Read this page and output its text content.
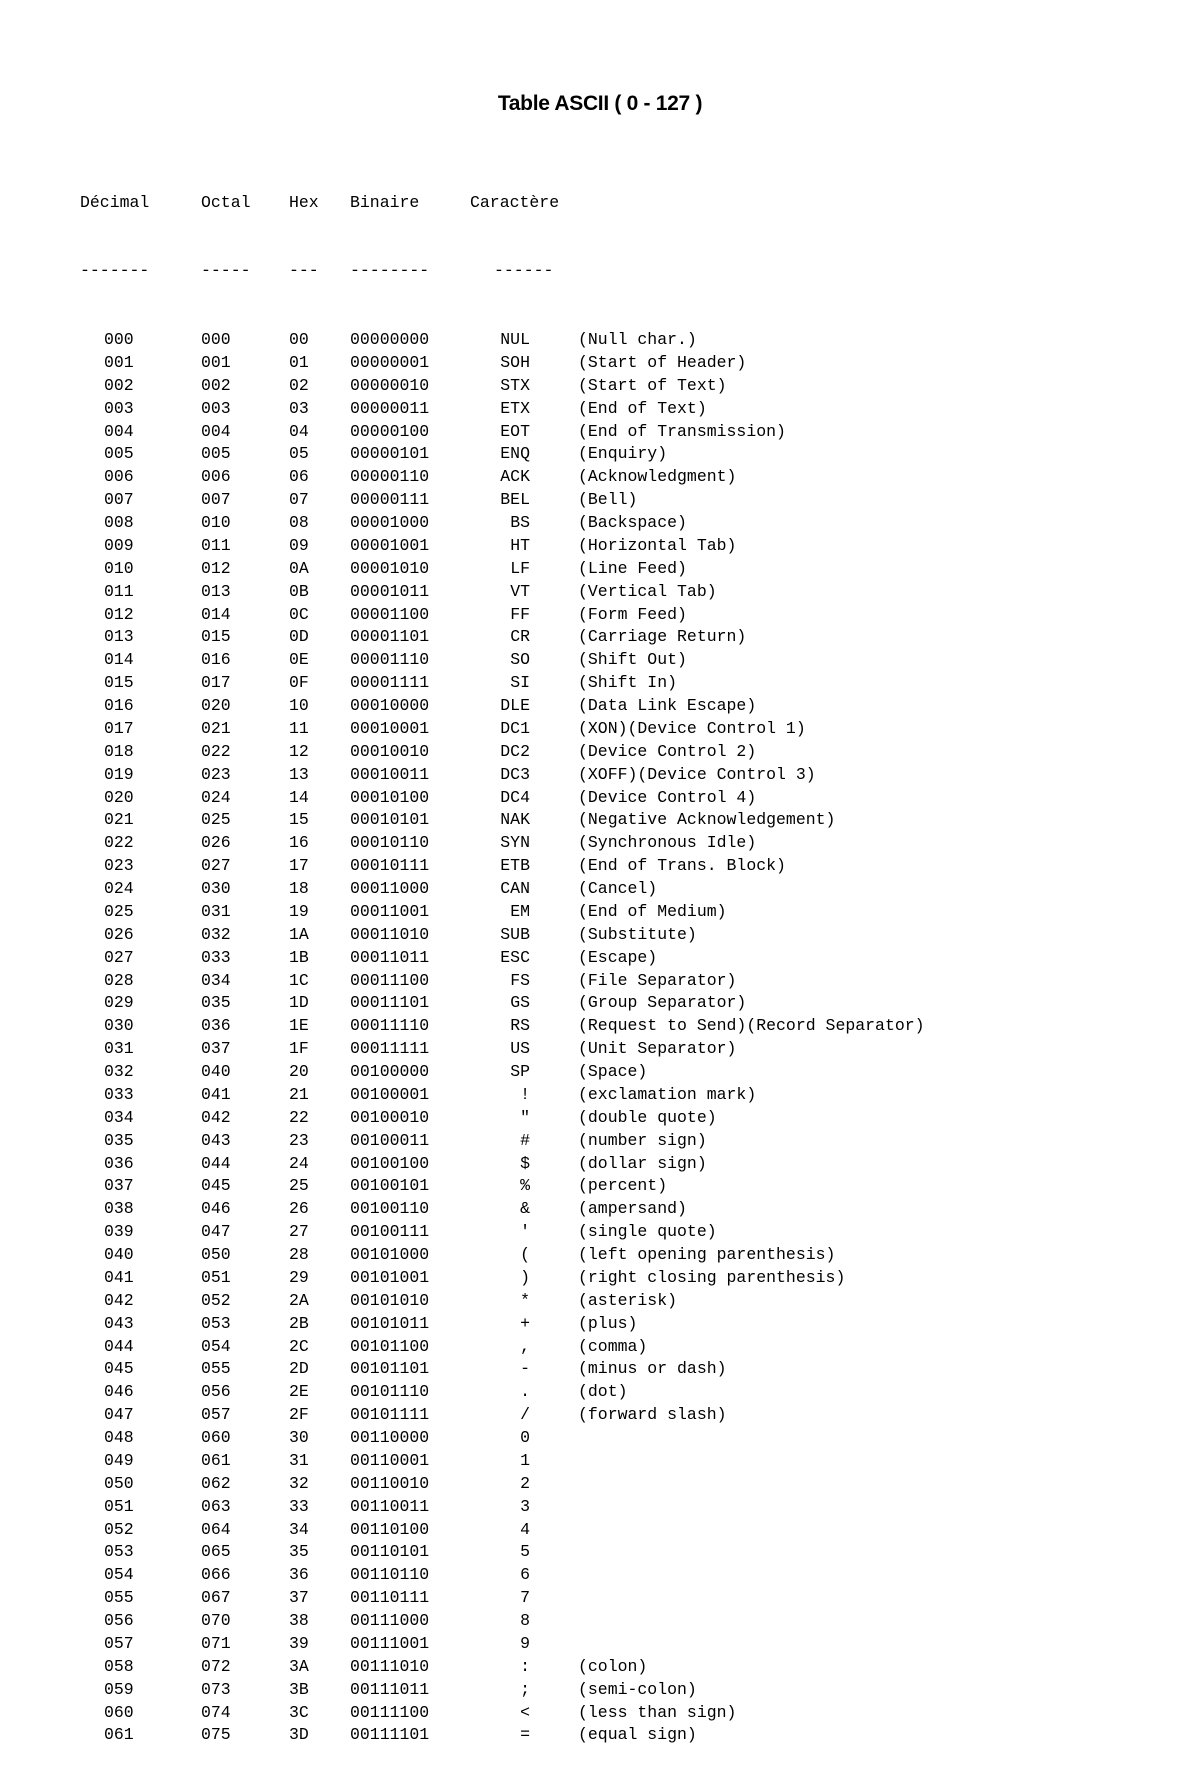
Table ASCII ( 0 - 127 )

Décimal	Octal	Hex	Binaire	Caractère

-------	-----	---	--------	------

000	000	00	00000000	NUL	(Null char.)
001	001	01	00000001	SOH	(Start of Header)
002	002	02	00000010	STX	(Start of Text)
003	003	03	00000011	ETX	(End of Text)
004	004	04	00000100	EOT	(End of Transmission)
005	005	05	00000101	ENQ	(Enquiry)
006	006	06	00000110	ACK	(Acknowledgment)
007	007	07	00000111	BEL	(Bell)
008	010	08	00001000	BS	(Backspace)
009	011	09	00001001	HT	(Horizontal Tab)
010	012	0A	00001010	LF	(Line Feed)
011	013	0B	00001011	VT	(Vertical Tab)
012	014	0C	00001100	FF	(Form Feed)
013	015	0D	00001101	CR	(Carriage Return)
014	016	0E	00001110	SO	(Shift Out)
015	017	0F	00001111	SI	(Shift In)
016	020	10	00010000	DLE	(Data Link Escape)
017	021	11	00010001	DC1	(XON)(Device Control 1)
018	022	12	00010010	DC2	(Device Control 2)
019	023	13	00010011	DC3	(XOFF)(Device Control 3)
020	024	14	00010100	DC4	(Device Control 4)
021	025	15	00010101	NAK	(Negative Acknowledgement)
022	026	16	00010110	SYN	(Synchronous Idle)
023	027	17	00010111	ETB	(End of Trans. Block)
024	030	18	00011000	CAN	(Cancel)
025	031	19	00011001	EM	(End of Medium)
026	032	1A	00011010	SUB	(Substitute)
027	033	1B	00011011	ESC	(Escape)
028	034	1C	00011100	FS	(File Separator)
029	035	1D	00011101	GS	(Group Separator)
030	036	1E	00011110	RS	(Request to Send)(Record Separator)
031	037	1F	00011111	US	(Unit Separator)
032	040	20	00100000	SP	(Space)
033	041	21	00100001	!	(exclamation mark)
034	042	22	00100010	"	(double quote)
035	043	23	00100011	#	(number sign)
036	044	24	00100100	$	(dollar sign)
037	045	25	00100101	%	(percent)
038	046	26	00100110	&	(ampersand)
039	047	27	00100111	'	(single quote)
040	050	28	00101000	(	(left opening parenthesis)
041	051	29	00101001	)	(right closing parenthesis)
042	052	2A	00101010	*	(asterisk)
043	053	2B	00101011	+	(plus)
044	054	2C	00101100	,	(comma)
045	055	2D	00101101	-	(minus or dash)
046	056	2E	00101110	.	(dot)
047	057	2F	00101111	/	(forward slash)
048	060	30	00110000	0
049	061	31	00110001	1
050	062	32	00110010	2
051	063	33	00110011	3
052	064	34	00110100	4
053	065	35	00110101	5
054	066	36	00110110	6
055	067	37	00110111	7
056	070	38	00111000	8
057	071	39	00111001	9
058	072	3A	00111010	:	(colon)
059	073	3B	00111011	;	(semi-colon)
060	074	3C	00111100	<	(less than sign)
061	075	3D	00111101	=	(equal sign)
